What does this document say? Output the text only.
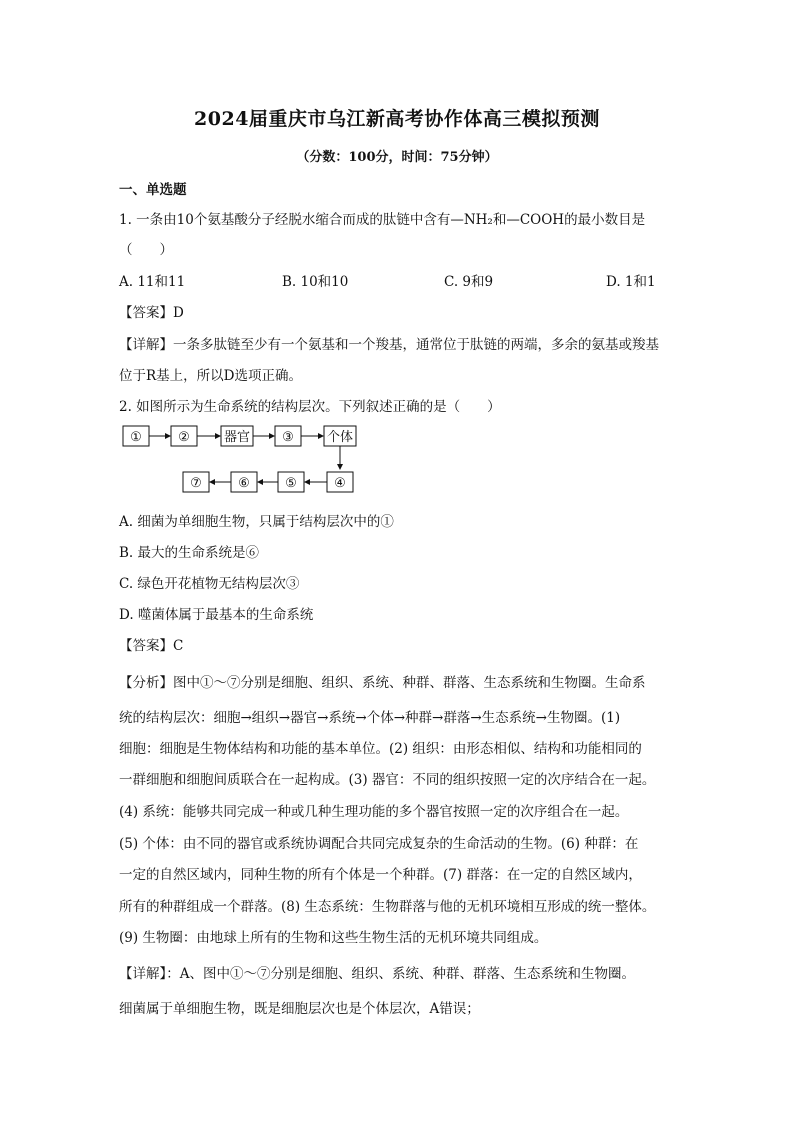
2024届重庆市乌江新高考协作体高三模拟预测
（分数：100分，时间：75分钟）
一、单选题
1. 一条由10个氨基酸分子经脱水缩合而成的肽链中含有—NH₂和—COOH的最小数目是
（　　）
A. 11和11	B. 10和10	C. 9和9	D. 1和1
【答案】D
【详解】一条多肽链至少有一个氨基和一个羧基，通常位于肽链的两端，多余的氨基或羧基
位于R基上，所以D选项正确。
2. 如图所示为生命系统的结构层次。下列叙述正确的是（　　）
①	②	器官 ③	个体
⑦	⑥	⑤	④
A. 细菌为单细胞生物，只属于结构层次中的①
B. 最大的生命系统是⑥
C. 绿色开花植物无结构层次③
D. 噬菌体属于最基本的生命系统
【答案】C
【分析】图中①～⑦分别是细胞、组织、系统、种群、群落、生态系统和生物圈。生命系
统的结构层次：细胞→组织→器官→系统→个体→种群→群落→生态系统→生物圈。(1)
细胞：细胞是生物体结构和功能的基本单位。(2) 组织：由形态相似、结构和功能相同的
一群细胞和细胞间质联合在一起构成。(3) 器官：不同的组织按照一定的次序结合在一起。
(4) 系统：能够共同完成一种或几种生理功能的多个器官按照一定的次序组合在一起。
(5) 个体：由不同的器官或系统协调配合共同完成复杂的生命活动的生物。(6) 种群：在
一定的自然区域内，同种生物的所有个体是一个种群。(7) 群落：在一定的自然区域内，
所有的种群组成一个群落。(8) 生态系统：生物群落与他的无机环境相互形成的统一整体。
(9) 生物圈：由地球上所有的生物和这些生物生活的无机环境共同组成。
【详解】：A、图中①～⑦分别是细胞、组织、系统、种群、群落、生态系统和生物圈。
细菌属于单细胞生物，既是细胞层次也是个体层次，A错误；
